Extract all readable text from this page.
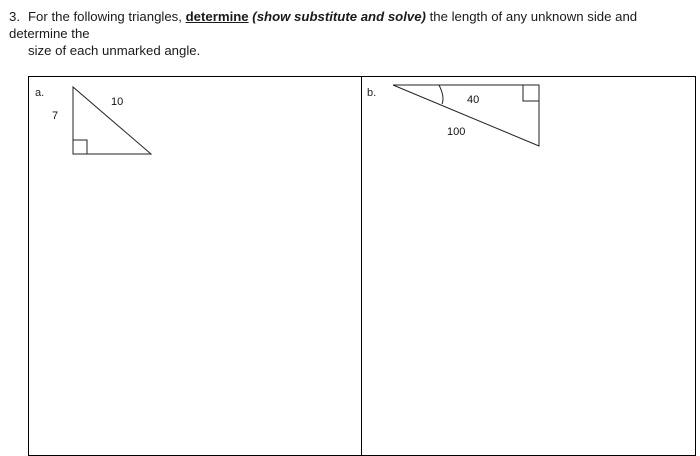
3. For the following triangles, determine (show substitute and solve) the length of any unknown side and determine the
size of each unmarked angle.
a.
7
10
b.
40
100
